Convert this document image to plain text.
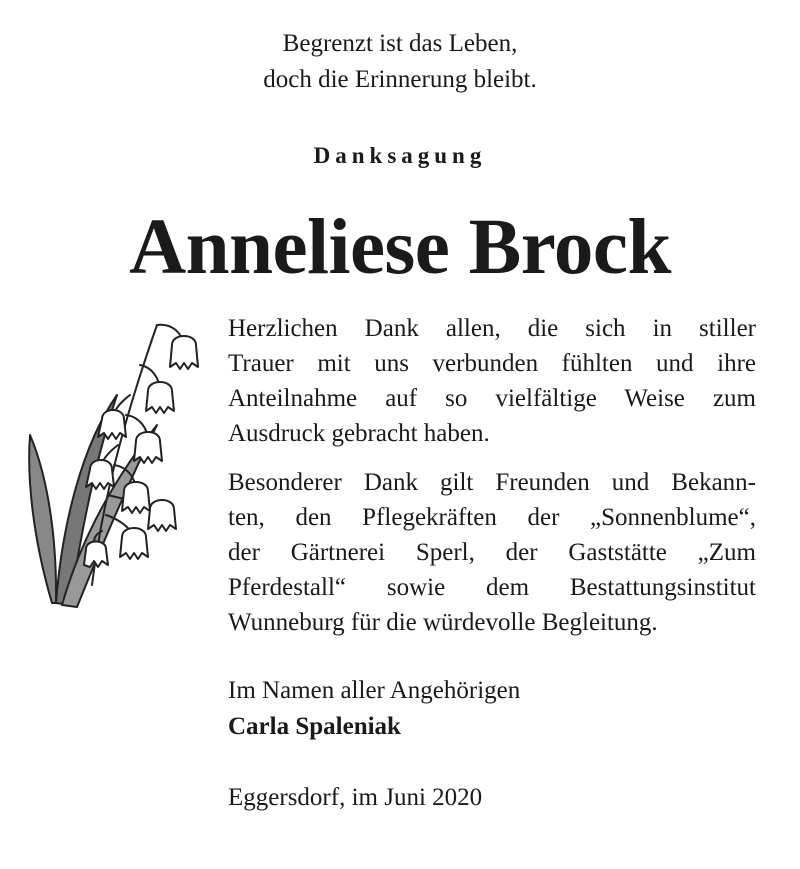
Begrenzt ist das Leben,
doch die Erinnerung bleibt.
Danksagung
Anneliese Brock
Herzlichen Dank allen, die sich in stiller
Trauer mit uns verbunden fühlten und ihre
Anteilnahme auf so vielfältige Weise zum
Ausdruck gebracht haben.
Besonderer Dank gilt Freunden und Bekann-
ten, den Pflegekräften der „Sonnenblume“,
der Gärtnerei Sperl, der Gaststätte „Zum
Pferdestall“ sowie dem Bestattungsinstitut
Wunneburg für die würdevolle Begleitung.
Im Namen aller Angehörigen
Carla Spaleniak
Eggersdorf, im Juni 2020
